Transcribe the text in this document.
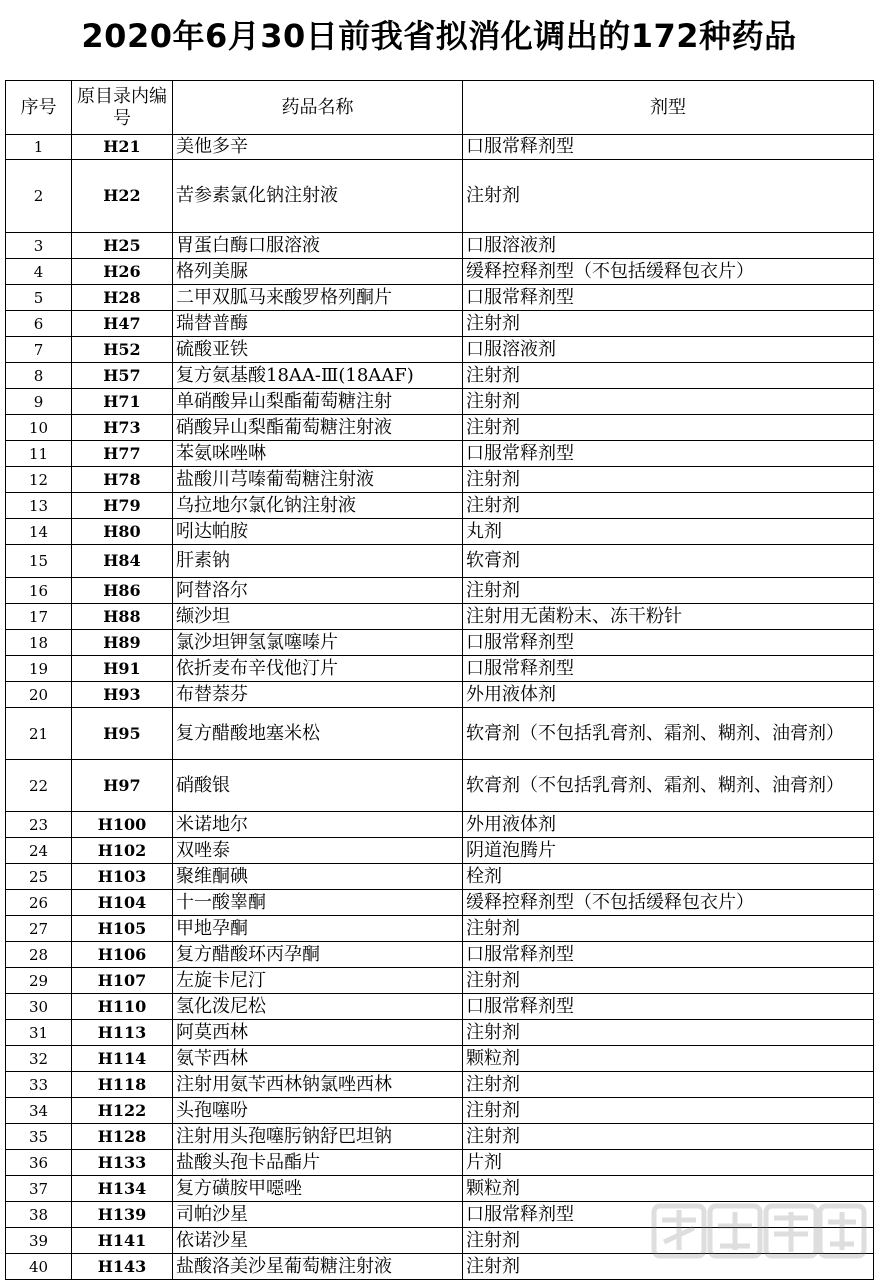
2020年6月30日前我省拟消化调出的172种药品
序号	原目录内编号	药品名称	剂型
1	H21	美他多辛	口服常释剂型
2	H22	苦参素氯化钠注射液	注射剂
3	H25	胃蛋白酶口服溶液	口服溶液剂
4	H26	格列美脲	缓释控释剂型（不包括缓释包衣片）
5	H28	二甲双胍马来酸罗格列酮片	口服常释剂型
6	H47	瑞替普酶	注射剂
7	H52	硫酸亚铁	口服溶液剂
8	H57	复方氨基酸18AA-Ⅲ(18AAF)	注射剂
9	H71	单硝酸异山梨酯葡萄糖注射	注射剂
10	H73	硝酸异山梨酯葡萄糖注射液	注射剂
11	H77	苯氨咪唑啉	口服常释剂型
12	H78	盐酸川芎嗪葡萄糖注射液	注射剂
13	H79	乌拉地尔氯化钠注射液	注射剂
14	H80	吲达帕胺	丸剂
15	H84	肝素钠	软膏剂
16	H86	阿替洛尔	注射剂
17	H88	缬沙坦	注射用无菌粉末、冻干粉针
18	H89	氯沙坦钾氢氯噻嗪片	口服常释剂型
19	H91	依折麦布辛伐他汀片	口服常释剂型
20	H93	布替萘芬	外用液体剂
21	H95	复方醋酸地塞米松	软膏剂（不包括乳膏剂、霜剂、糊剂、油膏剂）
22	H97	硝酸银	软膏剂（不包括乳膏剂、霜剂、糊剂、油膏剂）
23	H100	米诺地尔	外用液体剂
24	H102	双唑泰	阴道泡腾片
25	H103	聚维酮碘	栓剂
26	H104	十一酸睾酮	缓释控释剂型（不包括缓释包衣片）
27	H105	甲地孕酮	注射剂
28	H106	复方醋酸环丙孕酮	口服常释剂型
29	H107	左旋卡尼汀	注射剂
30	H110	氢化泼尼松	口服常释剂型
31	H113	阿莫西林	注射剂
32	H114	氨苄西林	颗粒剂
33	H118	注射用氨苄西林钠氯唑西林	注射剂
34	H122	头孢噻吩	注射剂
35	H128	注射用头孢噻肟钠舒巴坦钠	注射剂
36	H133	盐酸头孢卡品酯片	片剂
37	H134	复方磺胺甲噁唑	颗粒剂
38	H139	司帕沙星	口服常释剂型
39	H141	依诺沙星	注射剂
40	H143	盐酸洛美沙星葡萄糖注射液	注射剂
